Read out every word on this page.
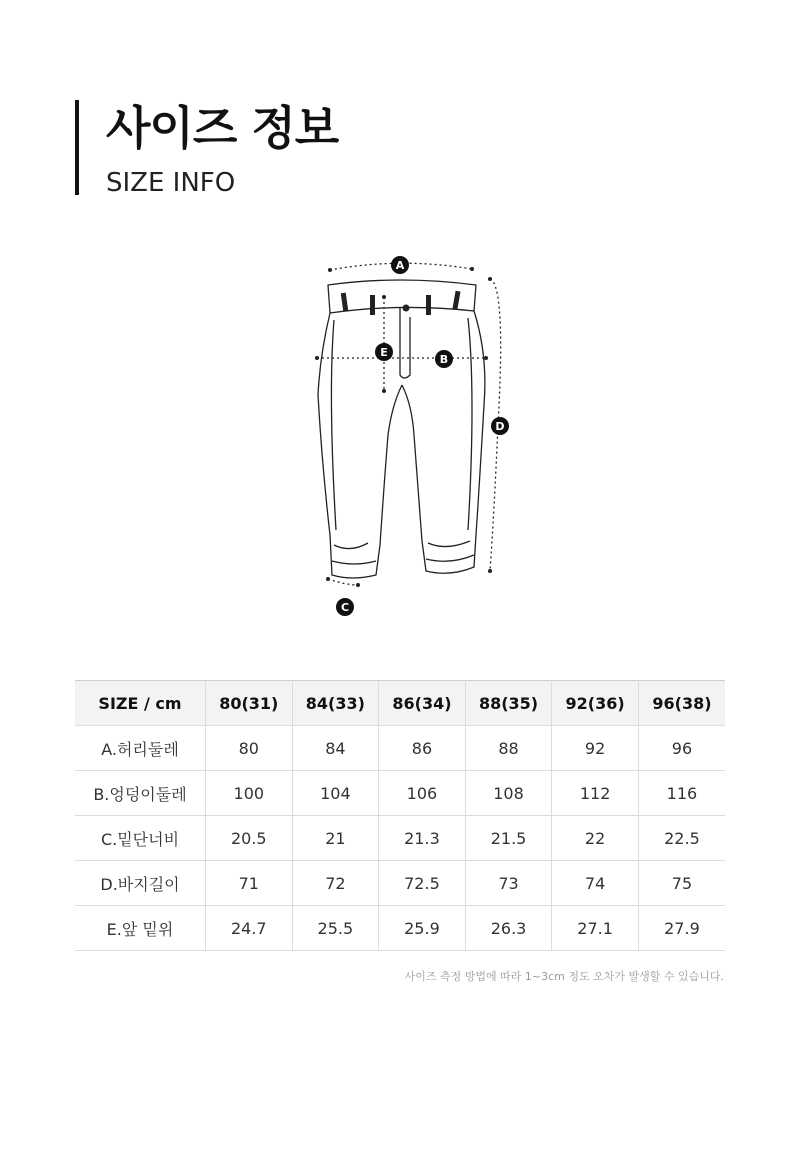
사이즈 정보
SIZE INFO
A
B
C
D
E
SIZE / cm	80(31)	84(33)	86(34)	88(35)	92(36)	96(38)
A.허리둘레	80	84	86	88	92	96
B.엉덩이둘레	100	104	106	108	112	116
C.밑단너비	20.5	21	21.3	21.5	22	22.5
D.바지길이	71	72	72.5	73	74	75
E.앞 밑위	24.7	25.5	25.9	26.3	27.1	27.9
사이즈 측정 방법에 따라 1~3cm 정도 오차가 발생할 수 있습니다.
